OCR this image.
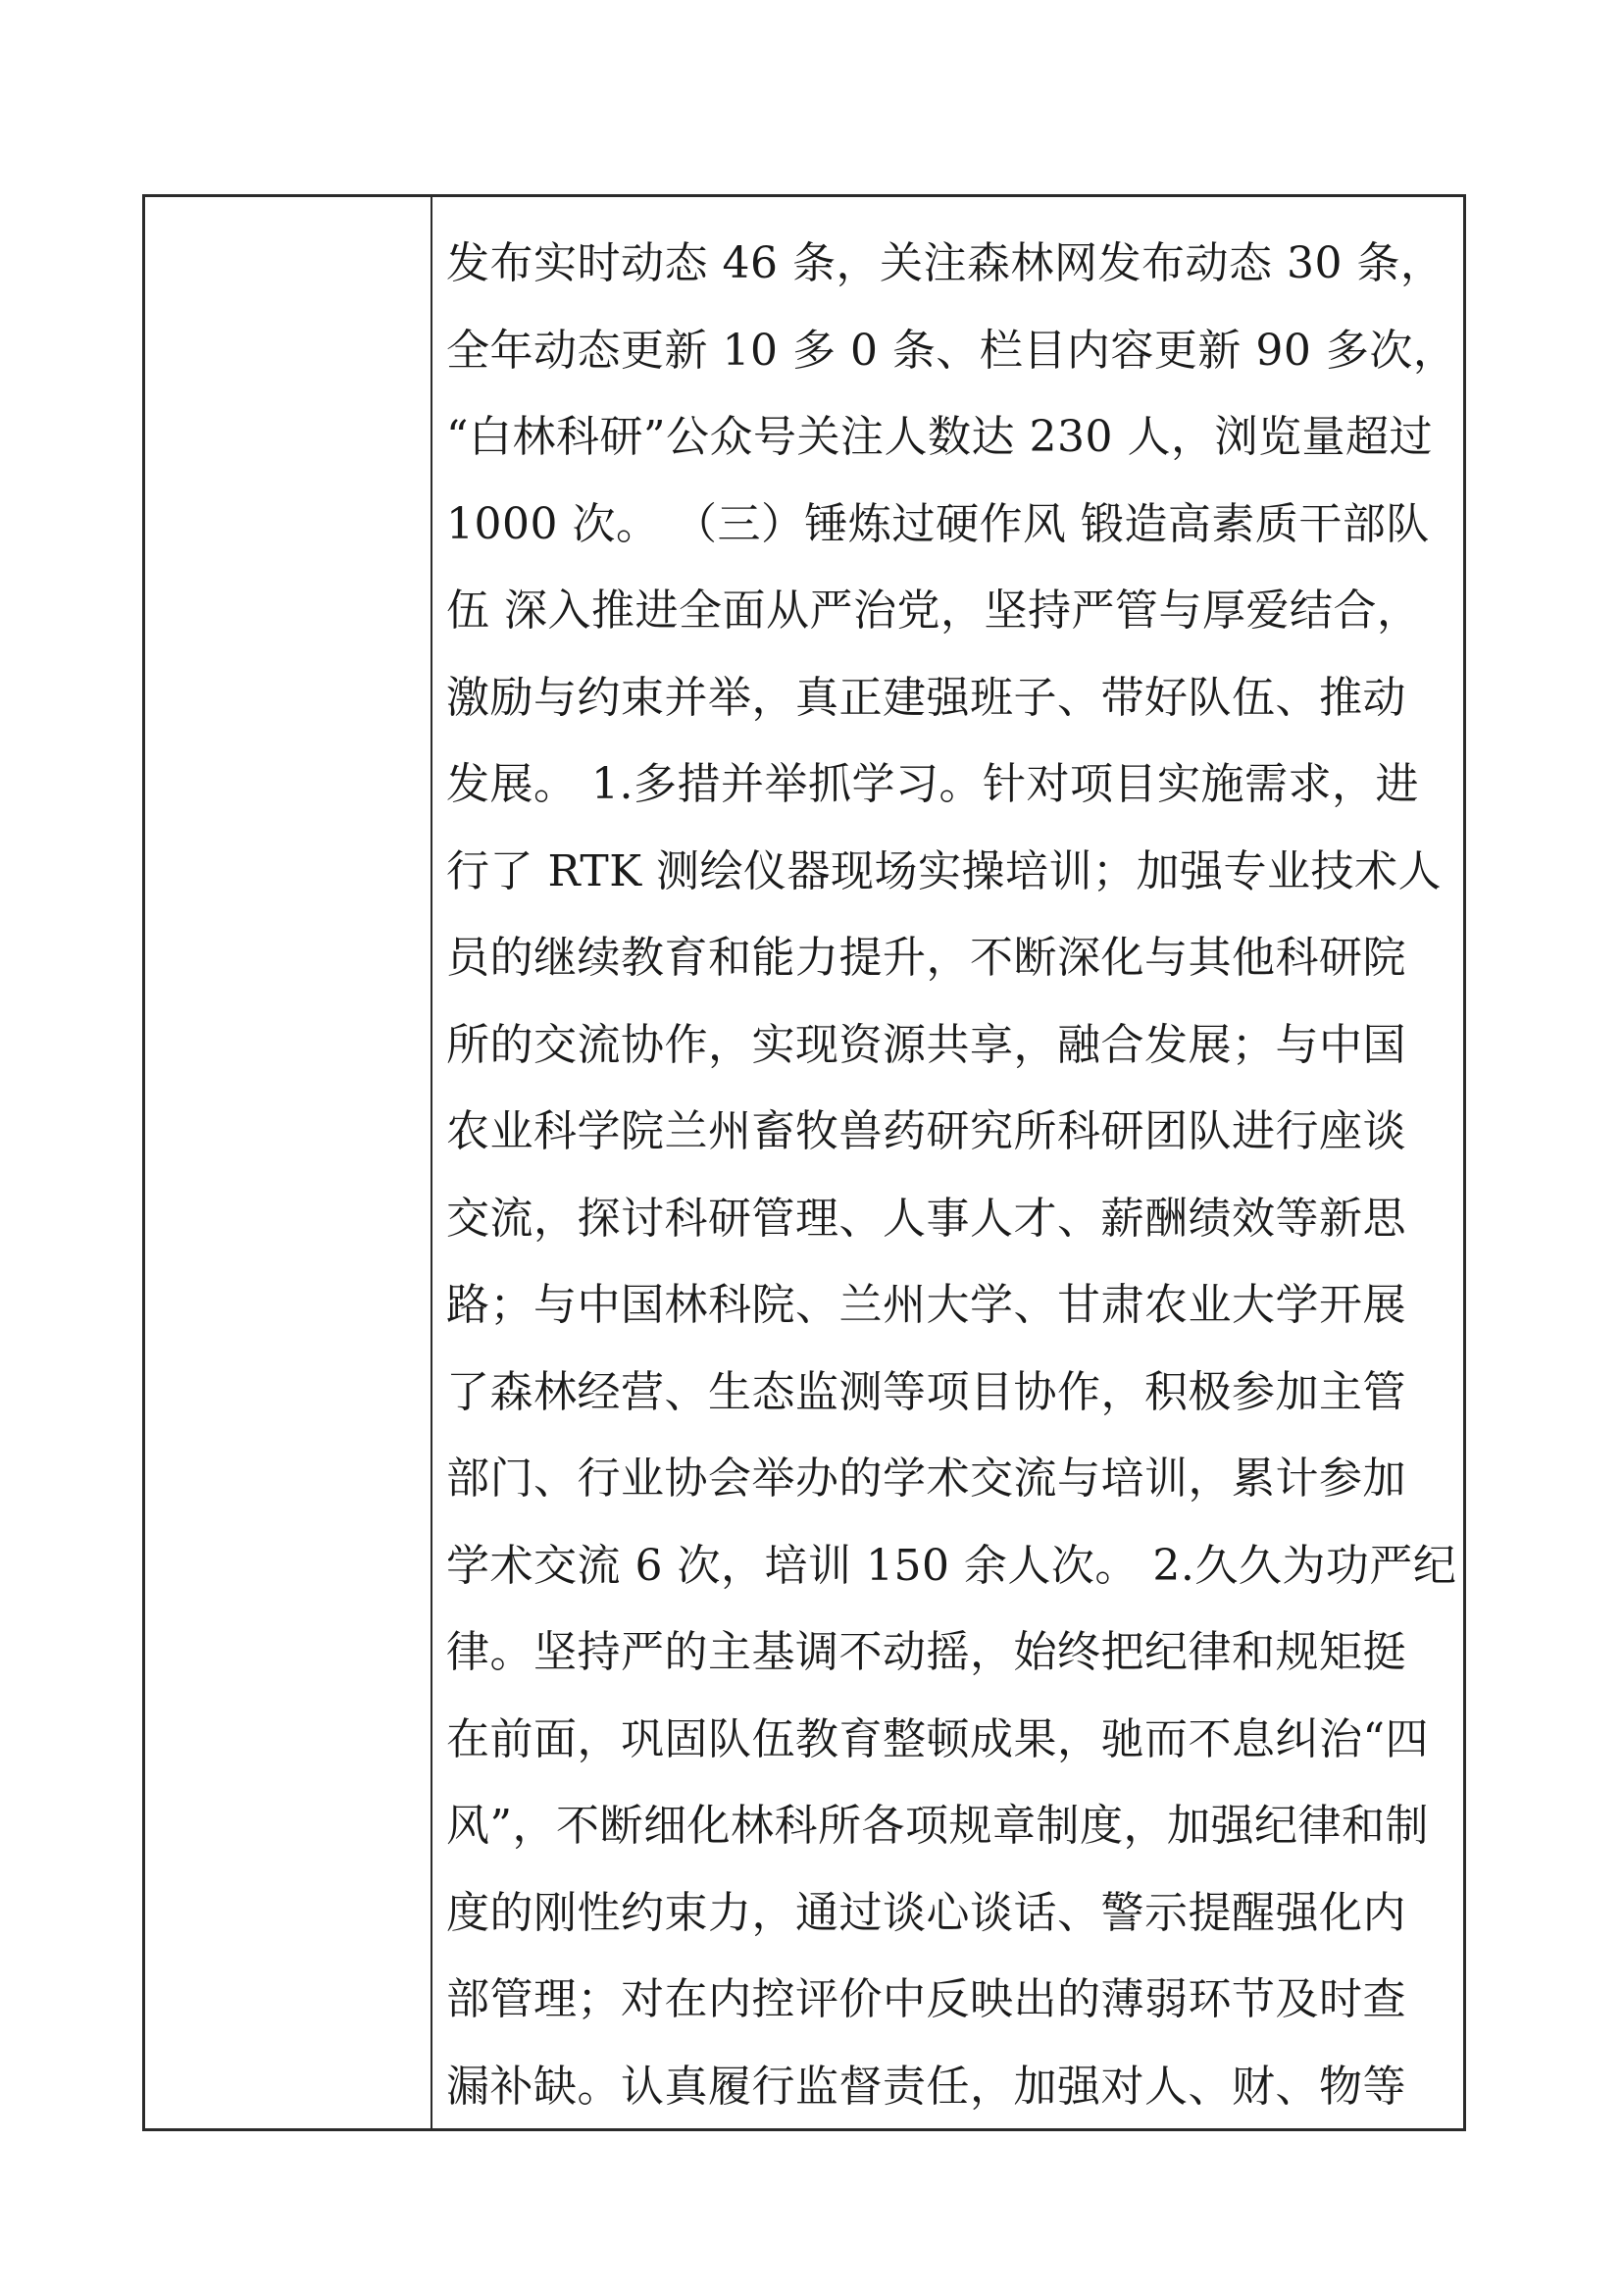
发布实时动态 46 条，关注森林网发布动态 30 条，
全年动态更新 10 多 0 条、栏目内容更新 90 多次，
“白林科研”公众号关注人数达 230 人，浏览量超过
1000 次。 （三）锤炼过硬作风 锻造高素质干部队
伍 深入推进全面从严治党，坚持严管与厚爱结合，
激励与约束并举，真正建强班子、带好队伍、推动
发展。 1.多措并举抓学习。针对项目实施需求，进
行了 RTK 测绘仪器现场实操培训；加强专业技术人
员的继续教育和能力提升，不断深化与其他科研院
所的交流协作，实现资源共享，融合发展；与中国
农业科学院兰州畜牧兽药研究所科研团队进行座谈
交流，探讨科研管理、人事人才、薪酬绩效等新思
路；与中国林科院、兰州大学、甘肃农业大学开展
了森林经营、生态监测等项目协作，积极参加主管
部门、行业协会举办的学术交流与培训，累计参加
学术交流 6 次，培训 150 余人次。 2.久久为功严纪
律。坚持严的主基调不动摇，始终把纪律和规矩挺
在前面，巩固队伍教育整顿成果，驰而不息纠治“四
风”，不断细化林科所各项规章制度，加强纪律和制
度的刚性约束力，通过谈心谈话、警示提醒强化内
部管理；对在内控评价中反映出的薄弱环节及时查
漏补缺。认真履行监督责任，加强对人、财、物等
